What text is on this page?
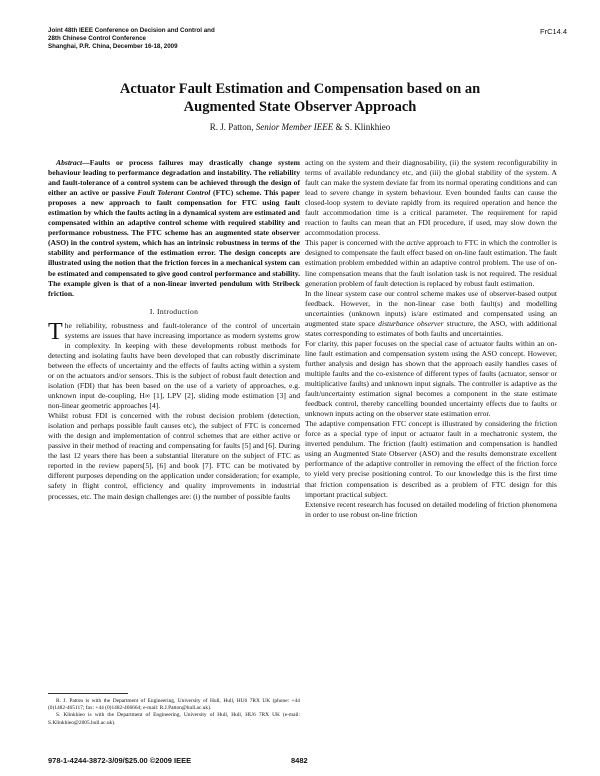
Joint 48th IEEE Conference on Decision and Control and
28th Chinese Control Conference
Shanghai, P.R. China, December 16-18, 2009
FrC14.4
Actuator Fault Estimation and Compensation based on an
Augmented State Observer Approach
R. J. Patton, Senior Member IEEE & S. Klinkhieo

Abstract—Faults or process failures may drastically change system behaviour leading to performance degradation and instability. The reliability and fault-tolerance of a control system can be achieved through the design of either an active or passive Fault Tolerant Control (FTC) scheme. This paper proposes a new approach to fault compensation for FTC using fault estimation by which the faults acting in a dynamical system are estimated and compensated within an adaptive control scheme with required stability and performance robustness. The FTC scheme has an augmented state observer (ASO) in the control system, which has an intrinsic robustness in terms of the stability and performance of the estimation error. The design concepts are illustrated using the notion that the friction forces in a mechanical system can be estimated and compensated to give good control performance and stability. The example given is that of a non-linear inverted pendulum with Stribeck friction.

I. Introduction

The reliability, robustness and fault-tolerance of the control of uncertain systems are issues that have increasing importance as modern systems grow in complexity. In keeping with these developments robust methods for detecting and isolating faults have been developed that can robustly discriminate between the effects of uncertainty and the effects of faults acting within a system or on the actuators and/or sensors. This is the subject of robust fault detection and isolation (FDI) that has been based on the use of a variety of approaches, e.g. unknown input de-coupling, H∞ [1], LPV [2], sliding mode estimation [3] and non-linear geometric approaches [4].

Whilst robust FDI is concerned with the robust decision problem (detection, isolation and perhaps possible fault causes etc), the subject of FTC is concerned with the design and implementation of control schemes that are either active or passive in their method of reacting and compensating for faults [5] and [6]. During the last 12 years there has been a substantial literature on the subject of FTC as reported in the review papers[5], [6] and book [7]. FTC can be motivated by different purposes depending on the application under consideration; for example, safety in flight control, efficiency and quality improvements in industrial processes, etc. The main design challenges are: (i) the number of possible faults

acting on the system and their diagnosability, (ii) the system reconfigurability in terms of available redundancy etc, and (iii) the global stability of the system. A fault can make the system deviate far from its normal operating conditions and can lead to severe change in system behaviour. Even bounded faults can cause the closed-loop system to deviate rapidly from its required operation and hence the fault accommodation time is a critical parameter. The requirement for rapid reaction to faults can mean that an FDI procedure, if used, may slow down the accommodation process.

This paper is concerned with the active approach to FTC in which the controller is designed to compensate the fault effect based on on-line fault estimation. The fault estimation problem embedded within an adaptive control problem. The use of on-line compensation means that the fault isolation task is not required. The residual generation problem of fault detection is replaced by robust fault estimation.

In the linear system case our control scheme makes use of observer-based output feedback. However, in the non-linear case both fault(s) and modelling uncertainties (unknown inputs) is/are estimated and compensated using an augmented state space disturbance observer structure, the ASO, with additional states corresponding to estimates of both faults and uncertainties.

For clarity, this paper focuses on the special case of actuator faults within an on-line fault estimation and compensation system using the ASO concept. However, further analysis and design has shown that the approach easily handles cases of multiple faults and the co-existence of different types of faults (actuator, sensor or multiplicative faults) and unknown input signals. The controller is adaptive as the fault/uncertainty estimation signal becomes a component in the state estimate feedback control, thereby cancelling bounded uncertainty effects due to faults or unknown inputs acting on the observer state estimation error.

The adaptive compensation FTC concept is illustrated by considering the friction force as a special type of input or actuator fault in a mechatronic system, the inverted pendulum. The friction (fault) estimation and compensation is handled using an Augmented State Observer (ASO) and the results demonstrate excellent performance of the adaptive controller in removing the effect of the friction force to yield very precise positioning control. To our knowledge this is the first time that friction compensation is described as a problem of FTC design for this important practical subject.

Extensive recent research has focused on detailed modeling of friction phenomena in order to use robust on-line friction

R. J. Patton is with the Department of Engineering, University of Hull, Hull, HU6 7RX UK (phone: +44 (0)1482-465117; fax: +44 (0)1482-466664; e-mail: R.J.Patton@hull.ac.uk).

S. Klinkhieo is with the Department of Engineering, University of Hull, Hull, HU6 7RX UK (e-mail: S.Klinkhieo@2005.hull.ac.uk).

978-1-4244-3872-3/09/$25.00 ©2009 IEEE	8482
